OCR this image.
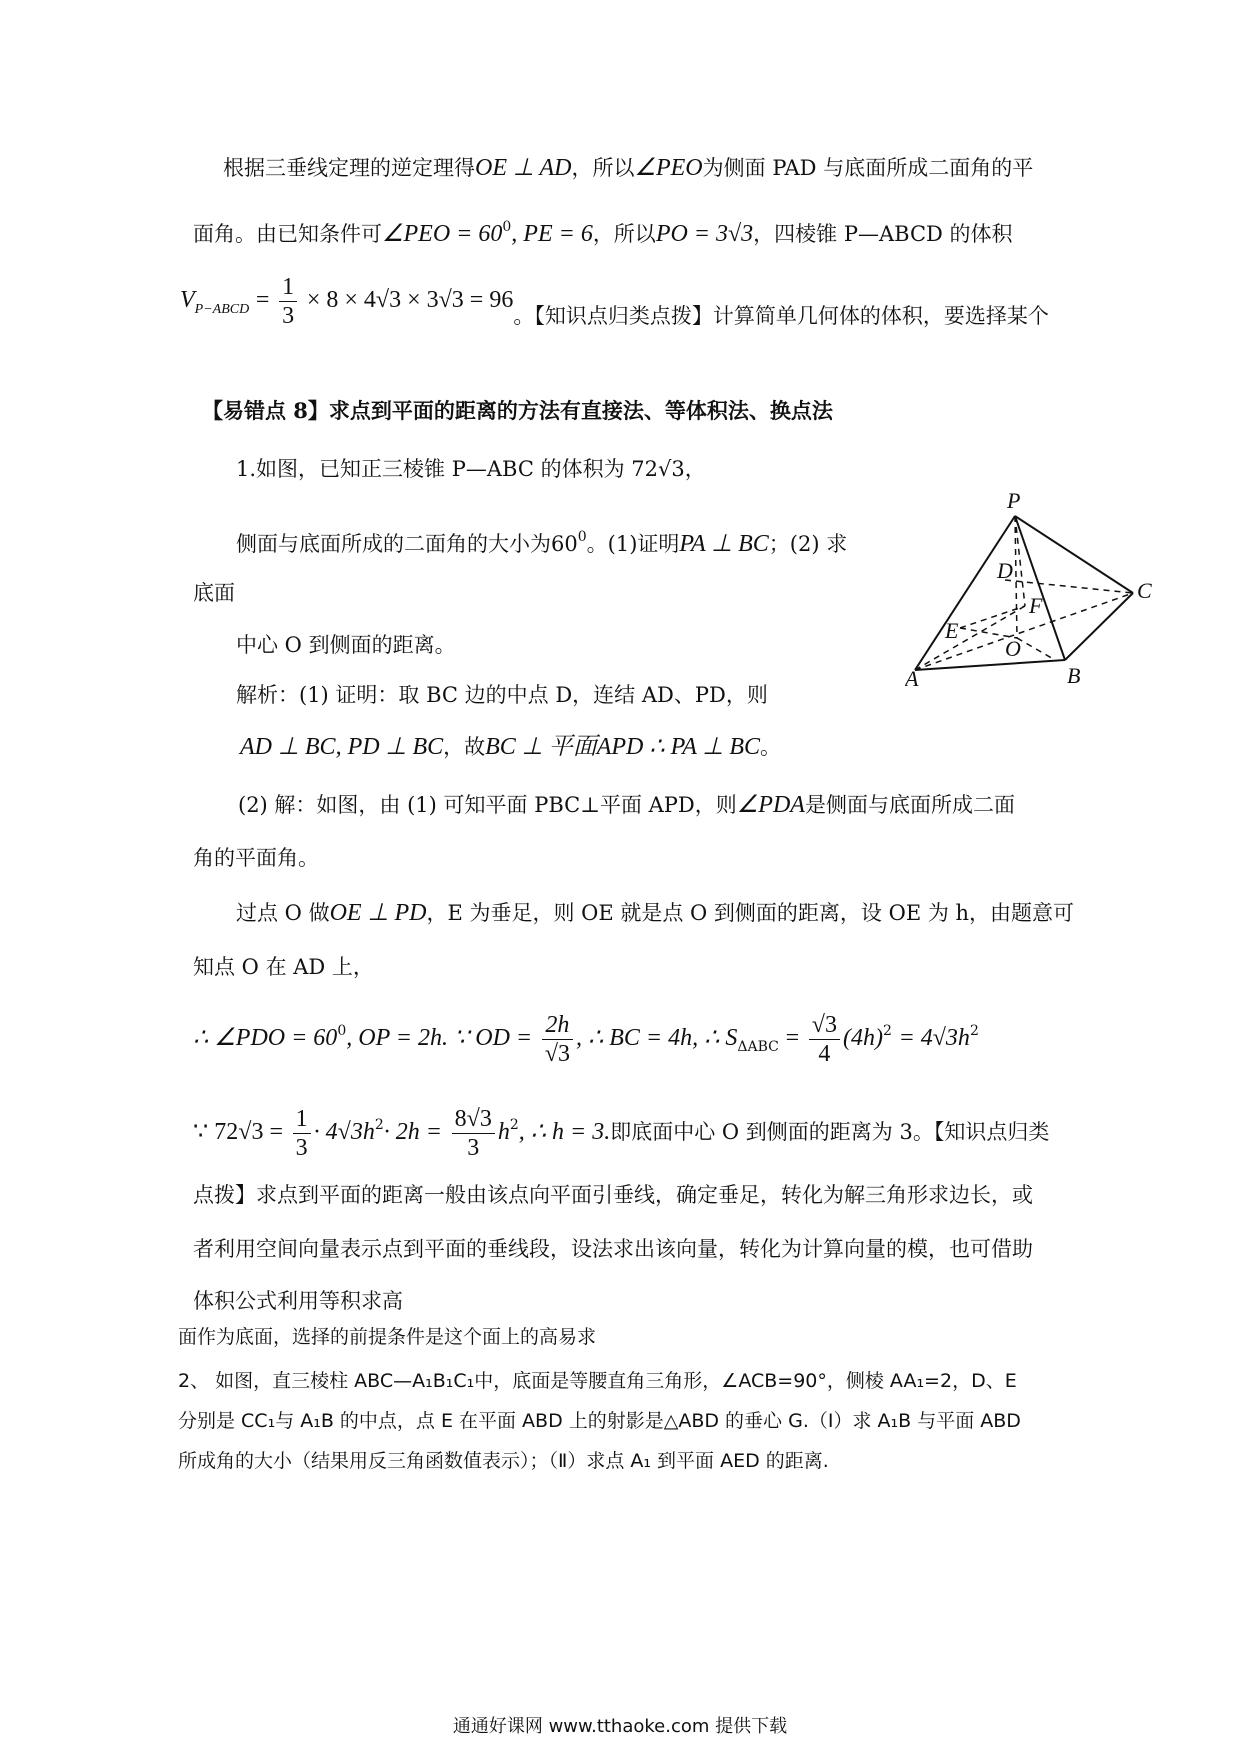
根据三垂线定理的逆定理得OE ⊥ AD，所以∠PEO为侧面 PAD 与底面所成二面角的平
面角。由已知条件可∠PEO = $60^0$, PE = 6，所以PO = 3√3，四棱锥 P—ABCD 的体积
$V_{P-ABCD} = \frac{1}{3} \times 8 \times 4√3 \times 3√3 = 96$。【知识点归类点拨】计算简单几何体的体积，要选择某个
【易错点 8】求点到平面的距离的方法有直接法、等体积法、换点法
1.如图，已知正三棱锥 P—ABC 的体积为 72√3，
侧面与底面所成的二面角的大小为$60^0$。(1)证明PA ⊥ BC；(2) 求
底面
中心 O 到侧面的距离。
解析：(1) 证明：取 BC 边的中点 D，连结 AD、PD，则
AD ⊥ BC, PD ⊥ BC，故BC ⊥ 平面APD ∴ PA ⊥ BC。
(2) 解：如图，由 (1) 可知平面 PBC⊥平面 APD，则∠PDA是侧面与底面所成二面
角的平面角。
过点 O 做OE ⊥ PD，E 为垂足，则 OE 就是点 O 到侧面的距离，设 OE 为 h，由题意可
知点 O 在 AD 上，
∴ ∠PDO = $60^0$, OP = 2h. ∵ OD = $\frac{2h}{√3}$ , ∴ BC = 4h, ∴ $S_{\Delta ABC} = \frac{√3}{4} (4h)^2 = 4√3h^2$
∵ $72√3 = \frac{1}{3} \cdot 4√3h^2\cdot 2h = \frac{8√3}{3} h^2$, ∴ h = 3.即底面中心 O 到侧面的距离为 3。【知识点归类
点拨】求点到平面的距离一般由该点向平面引垂线，确定垂足，转化为解三角形求边长，或
者利用空间向量表示点到平面的垂线段，设法求出该向量，转化为计算向量的模，也可借助
体积公式利用等积求高
面作为底面，选择的前提条件是这个面上的高易求
2、 如图，直三棱柱 ABC—A₁B₁C₁中，底面是等腰直角三角形，∠ACB=90°，侧棱 AA₁=2，D、E
分别是 CC₁与 A₁B 的中点，点 E 在平面 ABD 上的射影是△ABD 的垂心 G.（Ⅰ）求 A₁B 与平面 ABD
所成角的大小（结果用反三角函数值表示）；（Ⅱ）求点 A₁ 到平面 AED 的距离.
P
A	B
C
D
E
F
O
通通好课网 www.tthaoke.com 提供下载
